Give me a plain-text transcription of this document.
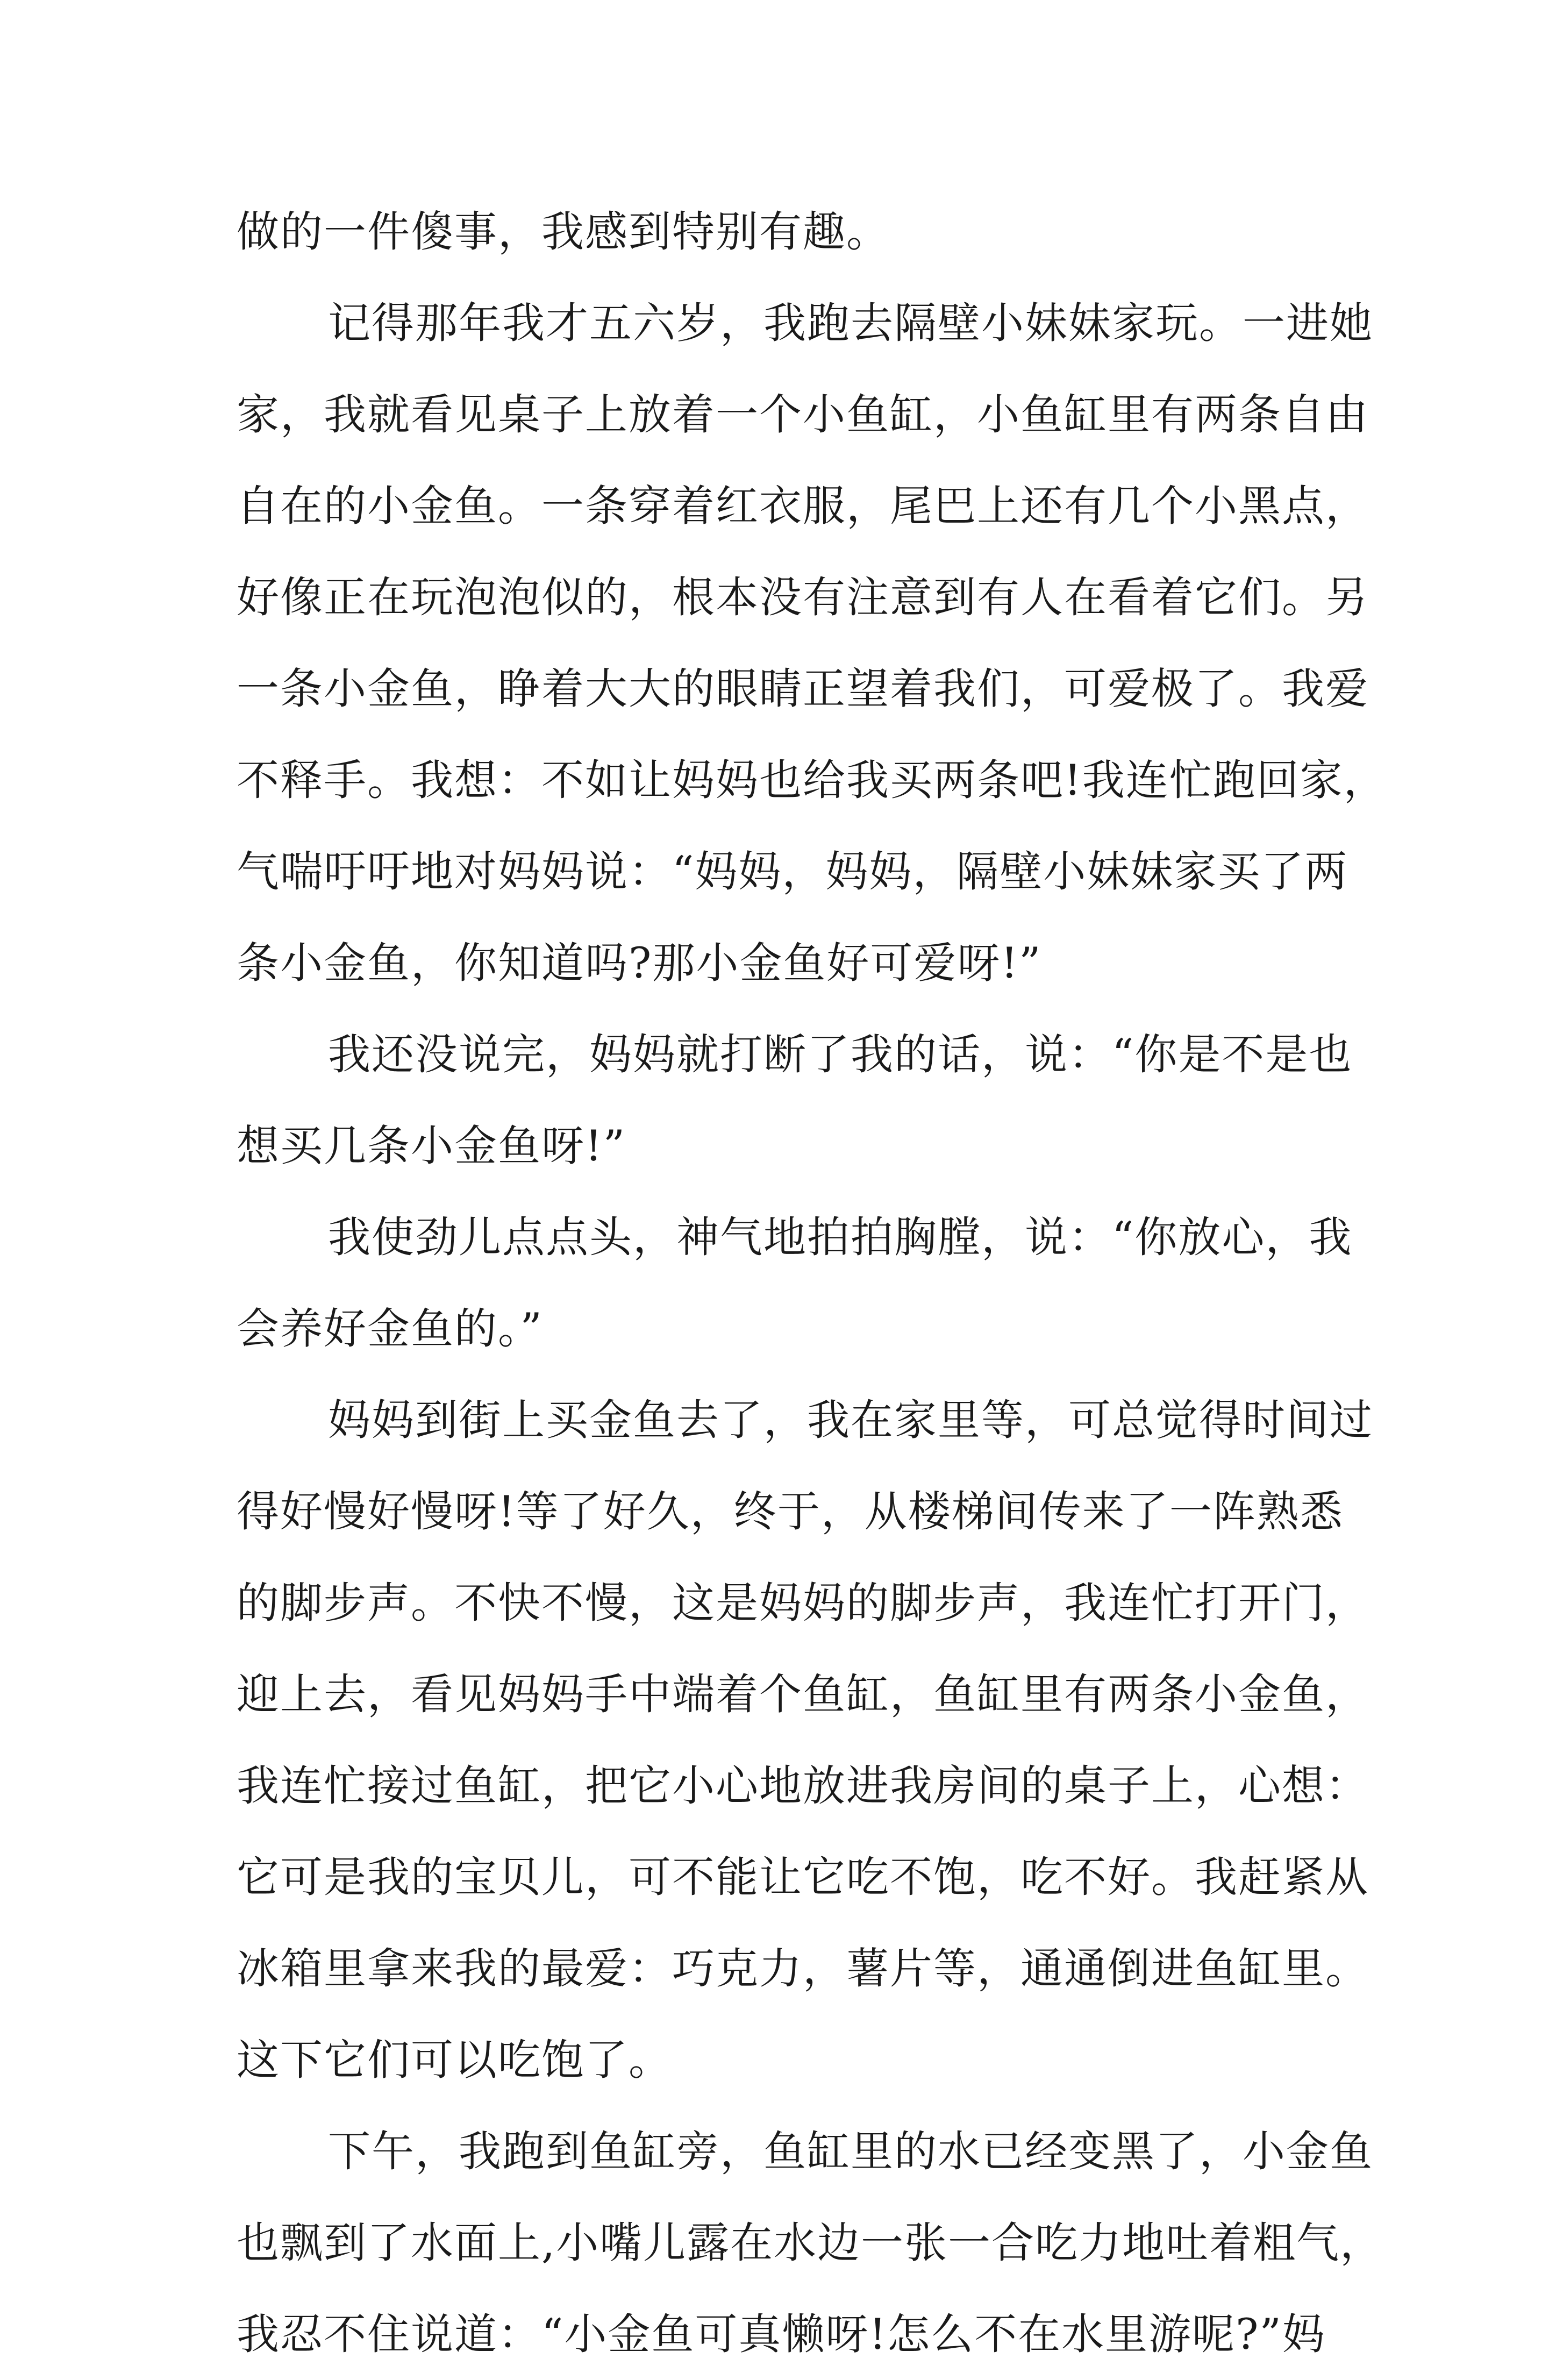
做的一件傻事，我感到特别有趣。
记得那年我才五六岁，我跑去隔壁小妹妹家玩。一进她
家，我就看见桌子上放着一个小鱼缸，小鱼缸里有两条自由
自在的小金鱼。一条穿着红衣服，尾巴上还有几个小黑点，
好像正在玩泡泡似的，根本没有注意到有人在看着它们。另
一条小金鱼，睁着大大的眼睛正望着我们，可爱极了。我爱
不释手。我想：不如让妈妈也给我买两条吧!我连忙跑回家，
气喘吁吁地对妈妈说：“妈妈，妈妈，隔壁小妹妹家买了两
条小金鱼，你知道吗?那小金鱼好可爱呀!”
我还没说完，妈妈就打断了我的话，说：“你是不是也
想买几条小金鱼呀!”
我使劲儿点点头，神气地拍拍胸膛，说：“你放心，我
会养好金鱼的。”
妈妈到街上买金鱼去了，我在家里等，可总觉得时间过
得好慢好慢呀!等了好久，终于，从楼梯间传来了一阵熟悉
的脚步声。不快不慢，这是妈妈的脚步声，我连忙打开门，
迎上去，看见妈妈手中端着个鱼缸，鱼缸里有两条小金鱼，
我连忙接过鱼缸，把它小心地放进我房间的桌子上，心想：
它可是我的宝贝儿，可不能让它吃不饱，吃不好。我赶紧从
冰箱里拿来我的最爱：巧克力，薯片等，通通倒进鱼缸里。
这下它们可以吃饱了。
下午，我跑到鱼缸旁，鱼缸里的水已经变黑了，小金鱼
也飘到了水面上,小嘴儿露在水边一张一合吃力地吐着粗气，
我忍不住说道：“小金鱼可真懒呀!怎么不在水里游呢?”妈
